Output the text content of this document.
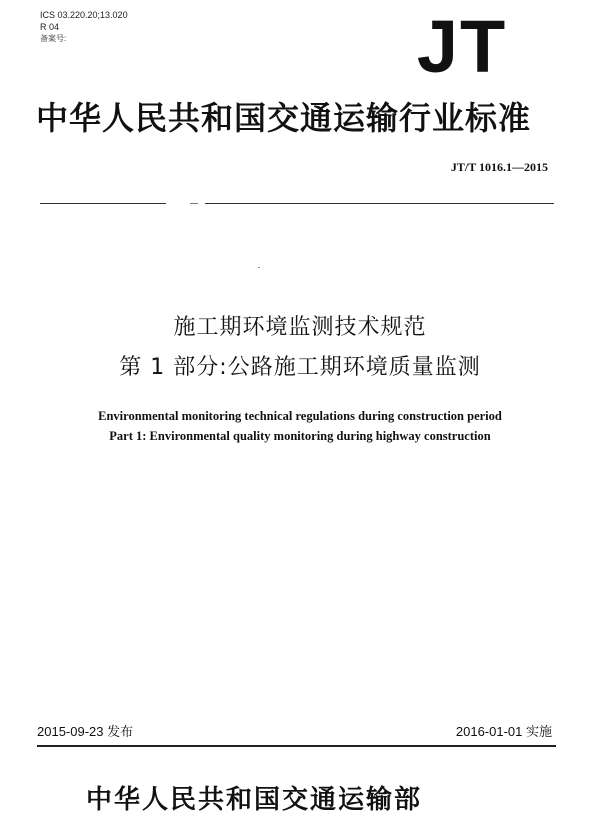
ICS 03.220.20;13.020
R 04
备案号:	JT
中华人民共和国交通运输行业标准
JT/T 1016.1—2015
施工期环境监测技术规范
第 1 部分:公路施工期环境质量监测
Environmental monitoring technical regulations during construction period
Part 1: Environmental quality monitoring during highway construction
2015-09-23 发布	2016-01-01 实施
中华人民共和国交通运输部
